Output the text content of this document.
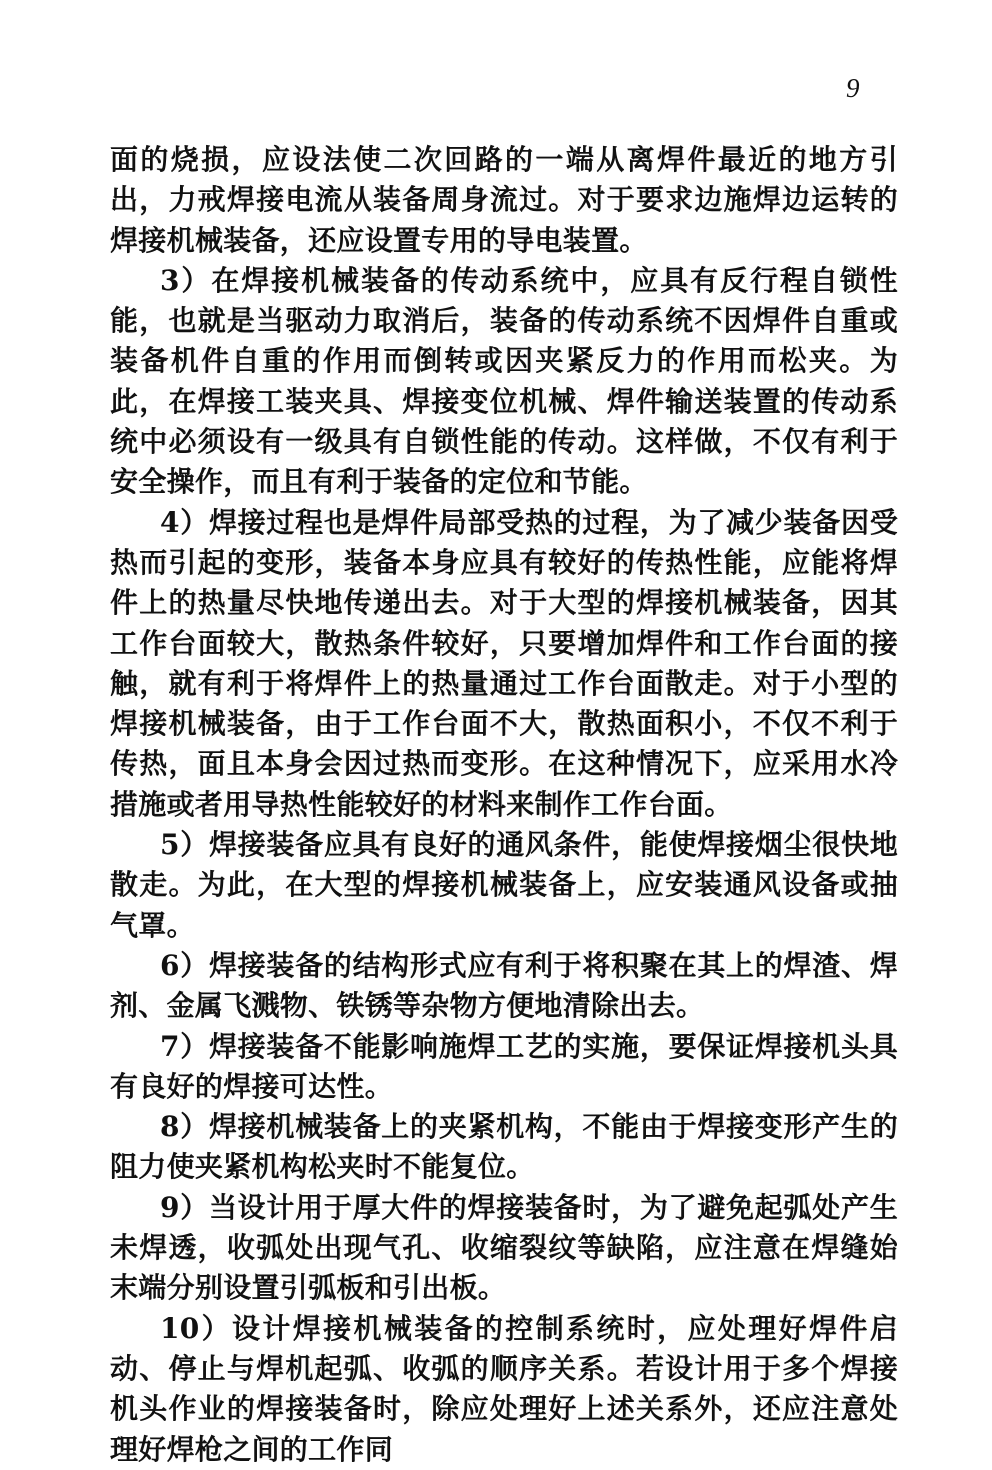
9

面的烧损，应设法使二次回路的一端从离焊件最近的地方引出，力戒焊接电流从装备周身流过。对于要求边施焊边运转的焊接机械装备，还应设置专用的导电装置。

3）在焊接机械装备的传动系统中，应具有反行程自锁性能，也就是当驱动力取消后，装备的传动系统不因焊件自重或装备机件自重的作用而倒转或因夹紧反力的作用而松夹。为此，在焊接工装夹具、焊接变位机械、焊件输送装置的传动系统中必须设有一级具有自锁性能的传动。这样做，不仅有利于安全操作，而且有利于装备的定位和节能。

4）焊接过程也是焊件局部受热的过程，为了减少装备因受热而引起的变形，装备本身应具有较好的传热性能，应能将焊件上的热量尽快地传递出去。对于大型的焊接机械装备，因其工作台面较大，散热条件较好，只要增加焊件和工作台面的接触，就有利于将焊件上的热量通过工作台面散走。对于小型的焊接机械装备，由于工作台面不大，散热面积小，不仅不利于传热，面且本身会因过热而变形。在这种情况下，应采用水冷措施或者用导热性能较好的材料来制作工作台面。

5）焊接装备应具有良好的通风条件，能使焊接烟尘很快地散走。为此，在大型的焊接机械装备上，应安装通风设备或抽气罩。

6）焊接装备的结构形式应有利于将积聚在其上的焊渣、焊剂、金属飞溅物、铁锈等杂物方便地清除出去。

7）焊接装备不能影响施焊工艺的实施，要保证焊接机头具有良好的焊接可达性。

8）焊接机械装备上的夹紧机构，不能由于焊接变形产生的阻力使夹紧机构松夹时不能复位。

9）当设计用于厚大件的焊接装备时，为了避免起弧处产生未焊透，收弧处出现气孔、收缩裂纹等缺陷，应注意在焊缝始末端分别设置引弧板和引出板。

10）设计焊接机械装备的控制系统时，应处理好焊件启动、停止与焊机起弧、收弧的顺序关系。若设计用于多个焊接机头作业的焊接装备时，除应处理好上述关系外，还应注意处理好焊枪之间的工作同
